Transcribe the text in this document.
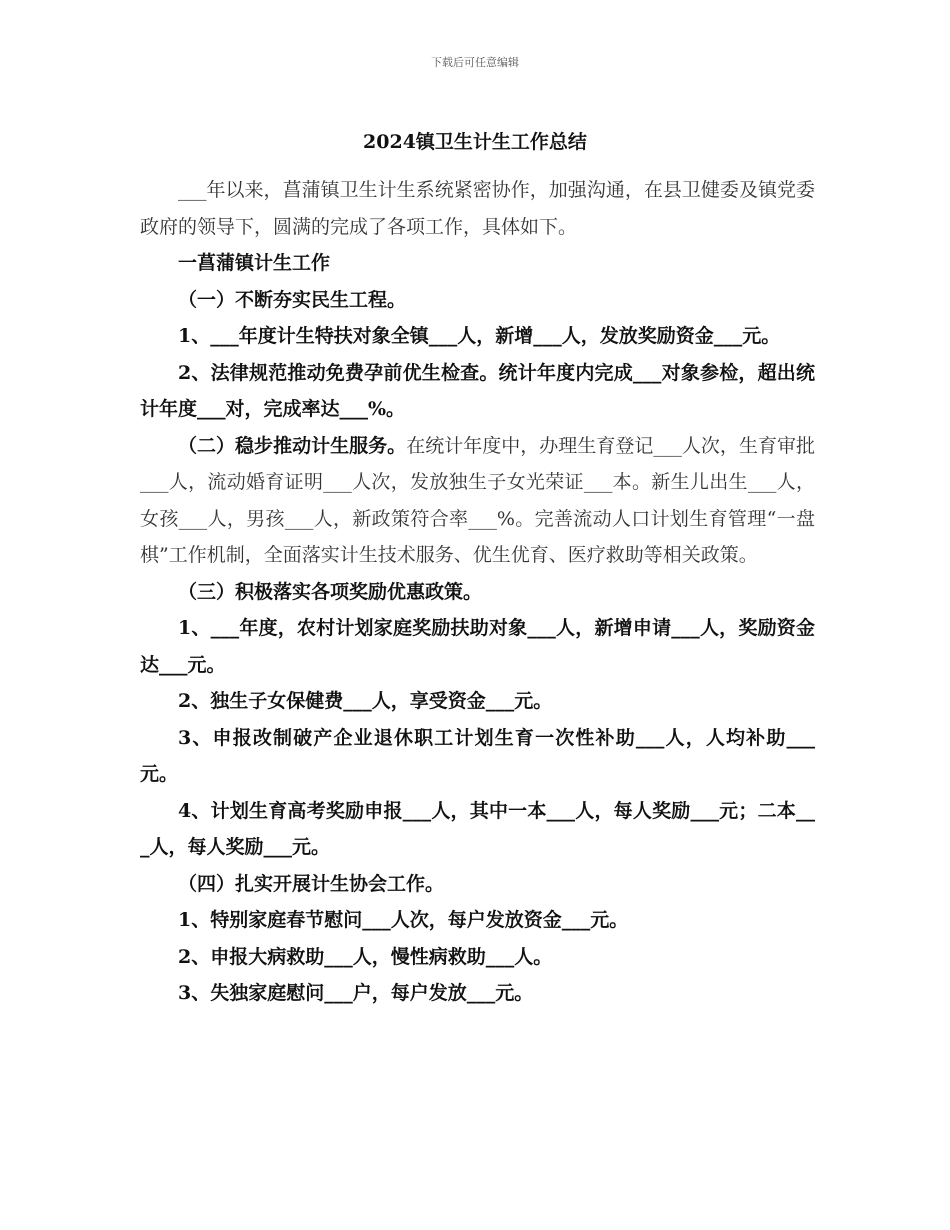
下载后可任意编辑
2024镇卫生计生工作总结

___年以来，菖蒲镇卫生计生系统紧密协作，加强沟通，在县卫健委及镇党委政府的领导下，圆满的完成了各项工作，具体如下。

一菖蒲镇计生工作

（一）不断夯实民生工程。

1、___年度计生特扶对象全镇___人，新增___人，发放奖励资金___元。

2、法律规范推动免费孕前优生检查。统计年度内完成___对象参检，超出统计年度___对，完成率达___%。

（二）稳步推动计生服务。在统计年度中，办理生育登记___人次，生育审批___人，流动婚育证明___人次，发放独生子女光荣证___本。新生儿出生___人，女孩___人，男孩___人，新政策符合率___%。完善流动人口计划生育管理“一盘棋”工作机制，全面落实计生技术服务、优生优育、医疗救助等相关政策。

（三）积极落实各项奖励优惠政策。

1、___年度，农村计划家庭奖励扶助对象___人，新增申请___人，奖励资金达___元。

2、独生子女保健费___人，享受资金___元。

3、申报改制破产企业退休职工计划生育一次性补助___人，人均补助___元。

4、计划生育高考奖励申报___人，其中一本___人，每人奖励___元；二本___人，每人奖励___元。

（四）扎实开展计生协会工作。

1、特别家庭春节慰问___人次，每户发放资金___元。

2、申报大病救助___人，慢性病救助___人。

3、失独家庭慰问___户，每户发放___元。
